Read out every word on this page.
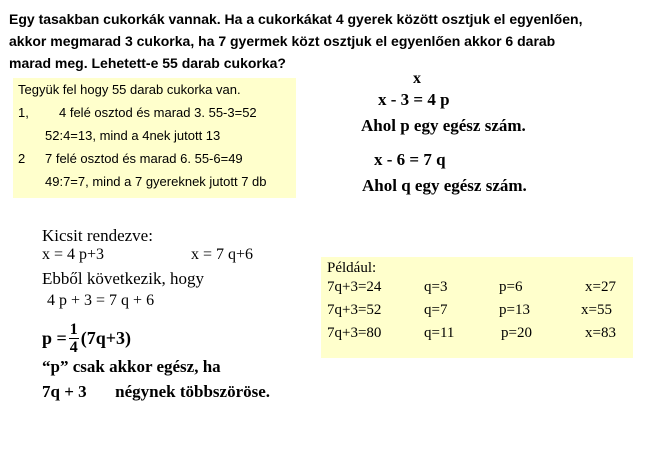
Egy tasakban cukorkák vannak. Ha a cukorkákat 4 gyerek között osztjuk el egyenlően,
akkor megmarad 3 cukorka, ha 7 gyermek közt osztjuk el egyenlően akkor 6 darab
marad meg. Lehetett-e 55 darab cukorka?
Tegyük fel hogy 55 darab cukorka van.
1, 4 felé osztod és marad 3. 55-3=52
52:4=13, mind a 4nek jutott 13
2 7 felé osztod és marad 6. 55-6=49
49:7=7, mind a 7 gyereknek jutott 7 db
x
x - 3 = 4 p
Ahol p egy egész szám.
x - 6 = 7 q
Ahol q egy egész szám.
Kicsit rendezve:
x = 4 p+3	x = 7 q+6
Ebből következik, hogy
4 p + 3 = 7 q + 6
$p = \frac{1}{4} (7q+3)$
“p” csak akkor egész, ha
7q + 3 négynek többszöröse.
Például:
7q+3=24	q=3	p=6	x=27
7q+3=52	q=7	p=13	x=55
7q+3=80	q=11	p=20	x=83
